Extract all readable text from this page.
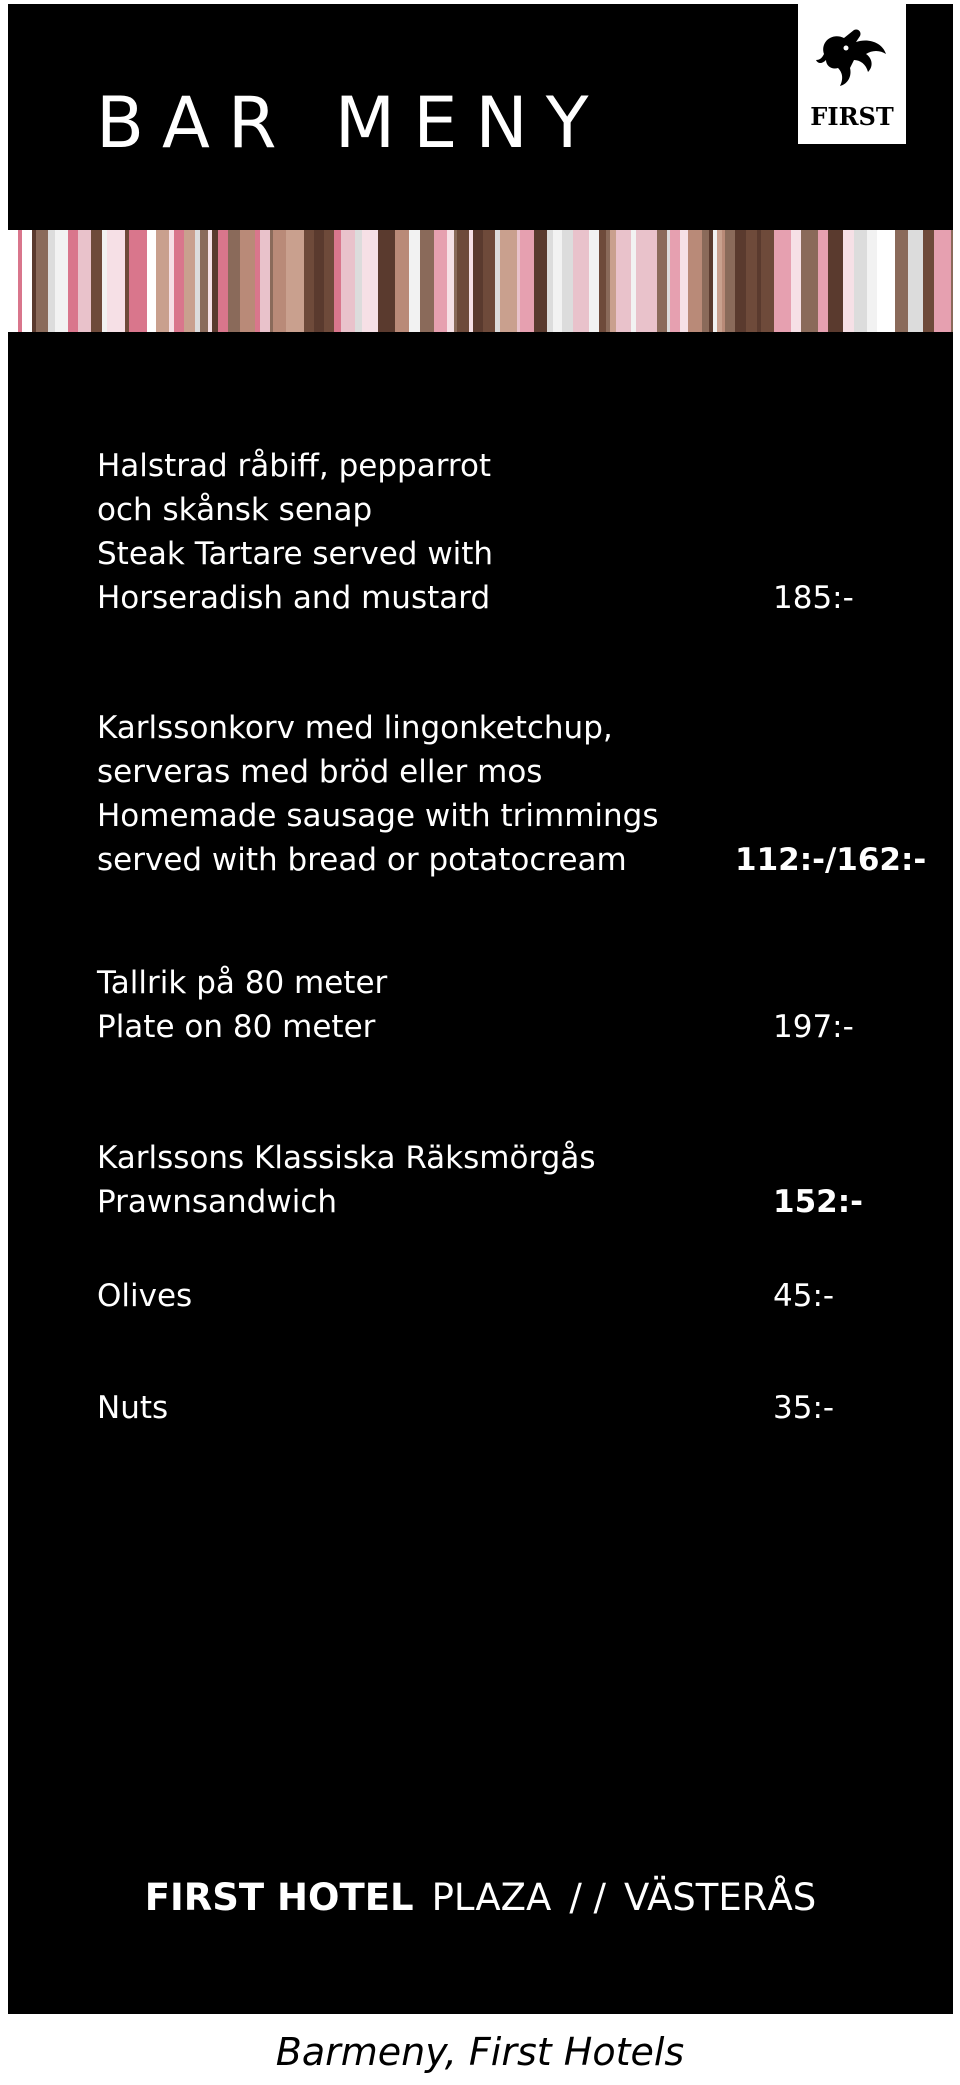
BAR MENY	FIRST
Halstrad råbiff, pepparrot
och skånsk senap
Steak Tartare served with
Horseradish and mustard	185:-
Karlssonkorv med lingonketchup,
serveras med bröd eller mos
Homemade sausage with trimmings
served with bread or potatocream	112:-/162:-
Tallrik på 80 meter
Plate on 80 meter	197:-
Karlssons Klassiska Räksmörgås
Prawnsandwich	152:-
Olives	45:-
Nuts	35:-
FIRST HOTEL PLAZA / / VÄSTERÅS
Barmeny, First Hotels
